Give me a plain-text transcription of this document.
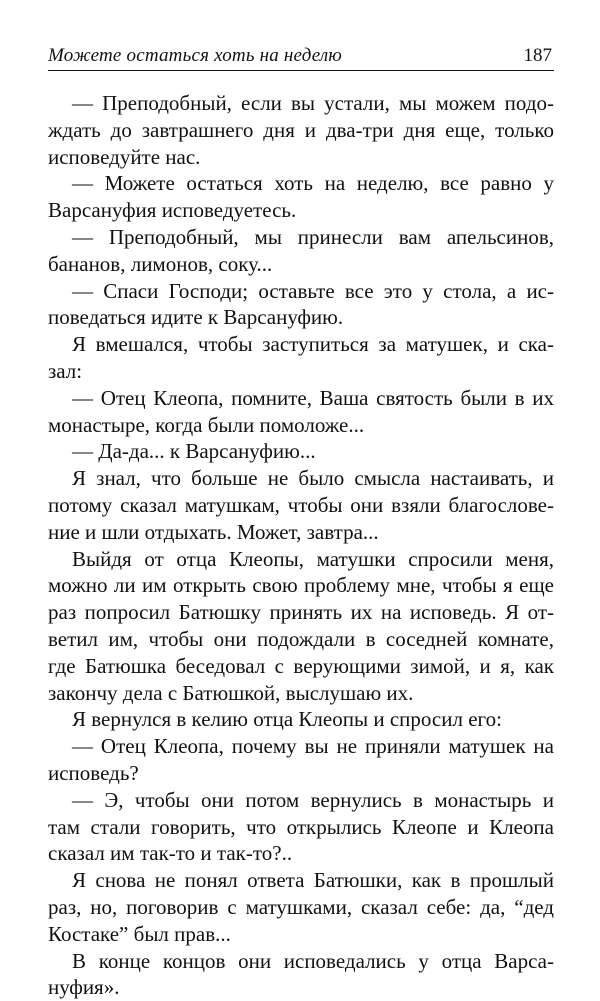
Можете остаться хоть на неделю	187
— Преподобный, если вы устали, мы можем подо-
ждать до завтрашнего дня и два-три дня еще, только
исповедуйте нас.
— Можете остаться хоть на неделю, все равно у
Варсануфия исповедуетесь.
— Преподобный, мы принесли вам апельсинов,
бананов, лимонов, соку...
— Спаси Господи; оставьте все это у стола, а ис-
поведаться идите к Варсануфию.
Я вмешался, чтобы заступиться за матушек, и ска-
зал:
— Отец Клеопа, помните, Ваша святость были в их
монастыре, когда были помоложе...
— Да-да... к Варсануфию...
Я знал, что больше не было смысла настаивать, и
потому сказал матушкам, чтобы они взяли благослове-
ние и шли отдыхать. Может, завтра...
Выйдя от отца Клеопы, матушки спросили меня,
можно ли им открыть свою проблему мне, чтобы я еще
раз попросил Батюшку принять их на исповедь. Я от-
ветил им, чтобы они подождали в соседней комнате,
где Батюшка беседовал с верующими зимой, и я, как
закончу дела с Батюшкой, выслушаю их.
Я вернулся в келию отца Клеопы и спросил его:
— Отец Клеопа, почему вы не приняли матушек на
исповедь?
— Э, чтобы они потом вернулись в монастырь и
там стали говорить, что открылись Клеопе и Клеопа
сказал им так-то и так-то?..
Я снова не понял ответа Батюшки, как в прошлый
раз, но, поговорив с матушками, сказал себе: да, “дед
Костаке” был прав...
В конце концов они исповедались у отца Варса-
нуфия».
